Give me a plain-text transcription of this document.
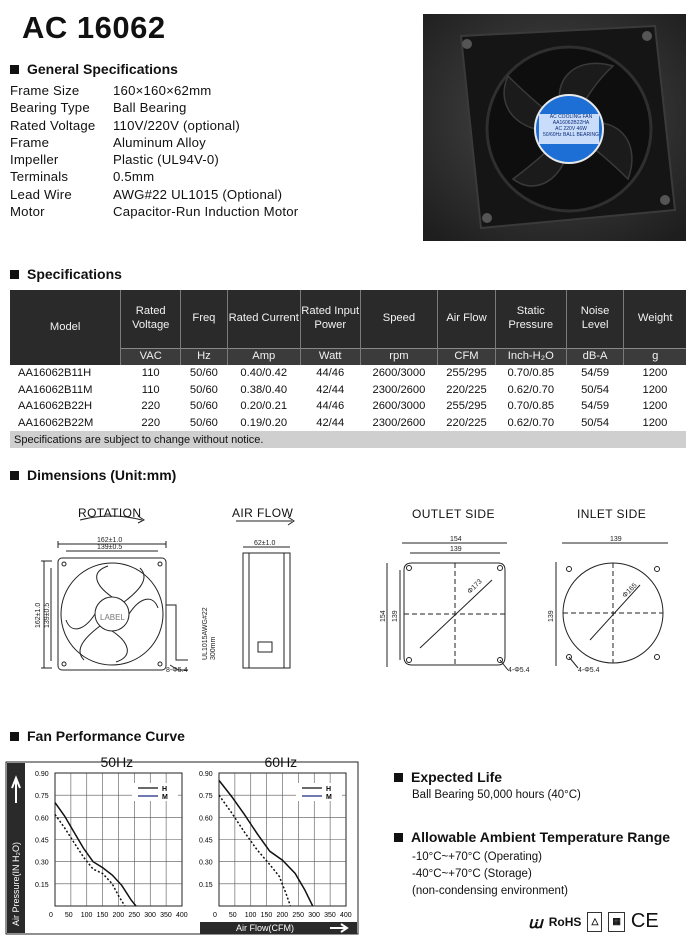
AC 16062
General Specifications
Frame Size	160×160×62mm
Bearing Type	Ball Bearing
Rated Voltage	110V/220V (optional)
Frame	Aluminum Alloy
Impeller	Plastic (UL94V-0)
Terminals	0.5mm
Lead Wire	AWG#22 UL1015 (Optional)
Motor	Capacitor-Run Induction Motor
AC COOLING FAN
AA16062B22HA
AC 220V 46W
50/60Hz BALL BEARING
Specifications
Model	Rated Voltage	Freq	Rated Current	Rated Input Power	Speed	Air Flow	Static Pressure	Noise Level	Weight
	VAC	Hz	Amp	Watt	rpm	CFM	Inch-H₂O	dB-A	g
AA16062B11H	110	50/60	0.40/0.42	44/46	2600/3000	255/295	0.70/0.85	54/59	1200
AA16062B11M	110	50/60	0.38/0.40	42/44	2300/2600	220/225	0.62/0.70	50/54	1200
AA16062B22H	220	50/60	0.20/0.21	44/46	2600/3000	255/295	0.70/0.85	54/59	1200
AA16062B22M	220	50/60	0.19/0.20	42/44	2300/2600	220/225	0.62/0.70	50/54	1200
Specifications are subject to change without notice.									
Dimensions (Unit:mm)
ROTATION	AIR FLOW	OUTLET SIDE	INLET SIDE
162±1.0
139±0.5
162±1.0 139±0.5	LABEL
8-Φ5.4
62±1.0
UL1015AWG#22 300mm
154
139
154 139
Φ173
4-Φ5.4
139
139
Φ165
4-Φ5.4
Fan Performance Curve
Air Pressure(IN H₂O)
Air Flow(CFM)
50Hz
0 50 100 150 200 250 300 350 400
0.15
0.30
0.45
0.60
0.75
0.90
H
M
60Hz
0 50 100 150 200 250 300 350 400
0.15
0.30
0.45
0.60
0.75
0.90
H
M
Expected Life
Ball Bearing 50,000 hours (40°C)
Allowable Ambient Temperature Range
-10°C~+70°C (Operating)
-40°C~+70°C (Storage)
(non-condensing environment)
ꭐ RoHS	△	▦ CE
